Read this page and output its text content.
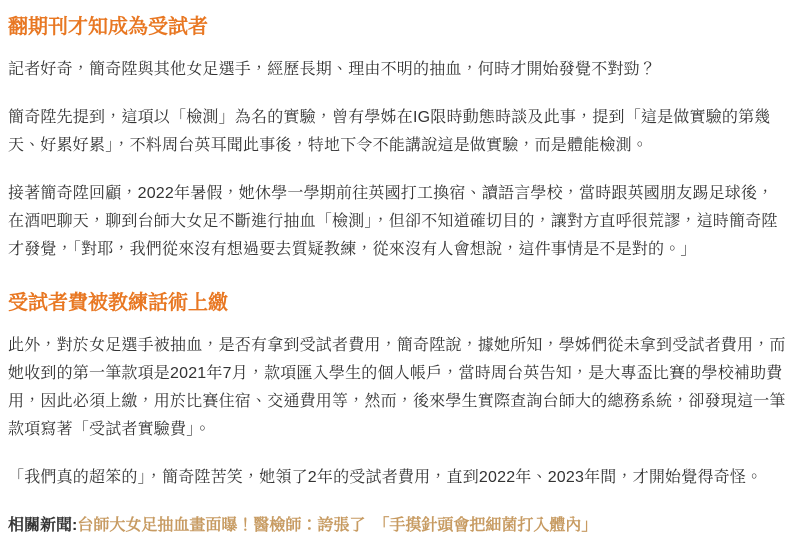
翻期刊才知成為受試者

記者好奇，簡奇陞與其他女足選手，經歷長期、理由不明的抽血，何時才開始發覺不對勁？

簡奇陞先提到，這項以「檢測」為名的實驗，曾有學姊在IG限時動態時談及此事，提到「這是做實驗的第幾天、好累好累」，不料周台英耳聞此事後，特地下令不能講說這是做實驗，而是體能檢測。

接著簡奇陞回顧，2022年暑假，她休學一學期前往英國打工換宿、讀語言學校，當時跟英國朋友踢足球後，在酒吧聊天，聊到台師大女足不斷進行抽血「檢測」，但卻不知道確切目的，讓對方直呼很荒謬，這時簡奇陞才發覺，「對耶，我們從來沒有想過要去質疑教練，從來沒有人會想說，這件事情是不是對的。」

受試者費被教練話術上繳

此外，對於女足選手被抽血，是否有拿到受試者費用，簡奇陞說，據她所知，學姊們從未拿到受試者費用，而她收到的第一筆款項是2021年7月，款項匯入學生的個人帳戶，當時周台英告知，是大專盃比賽的學校補助費用，因此必須上繳，用於比賽住宿、交通費用等，然而，後來學生實際查詢台師大的總務系統，卻發現這一筆款項寫著「受試者實驗費」。

「我們真的超笨的」，簡奇陞苦笑，她領了2年的受試者費用，直到2022年、2023年間，才開始覺得奇怪。

相關新聞:台師大女足抽血畫面曝！醫檢師：誇張了　「手摸針頭會把細菌打入體內」
